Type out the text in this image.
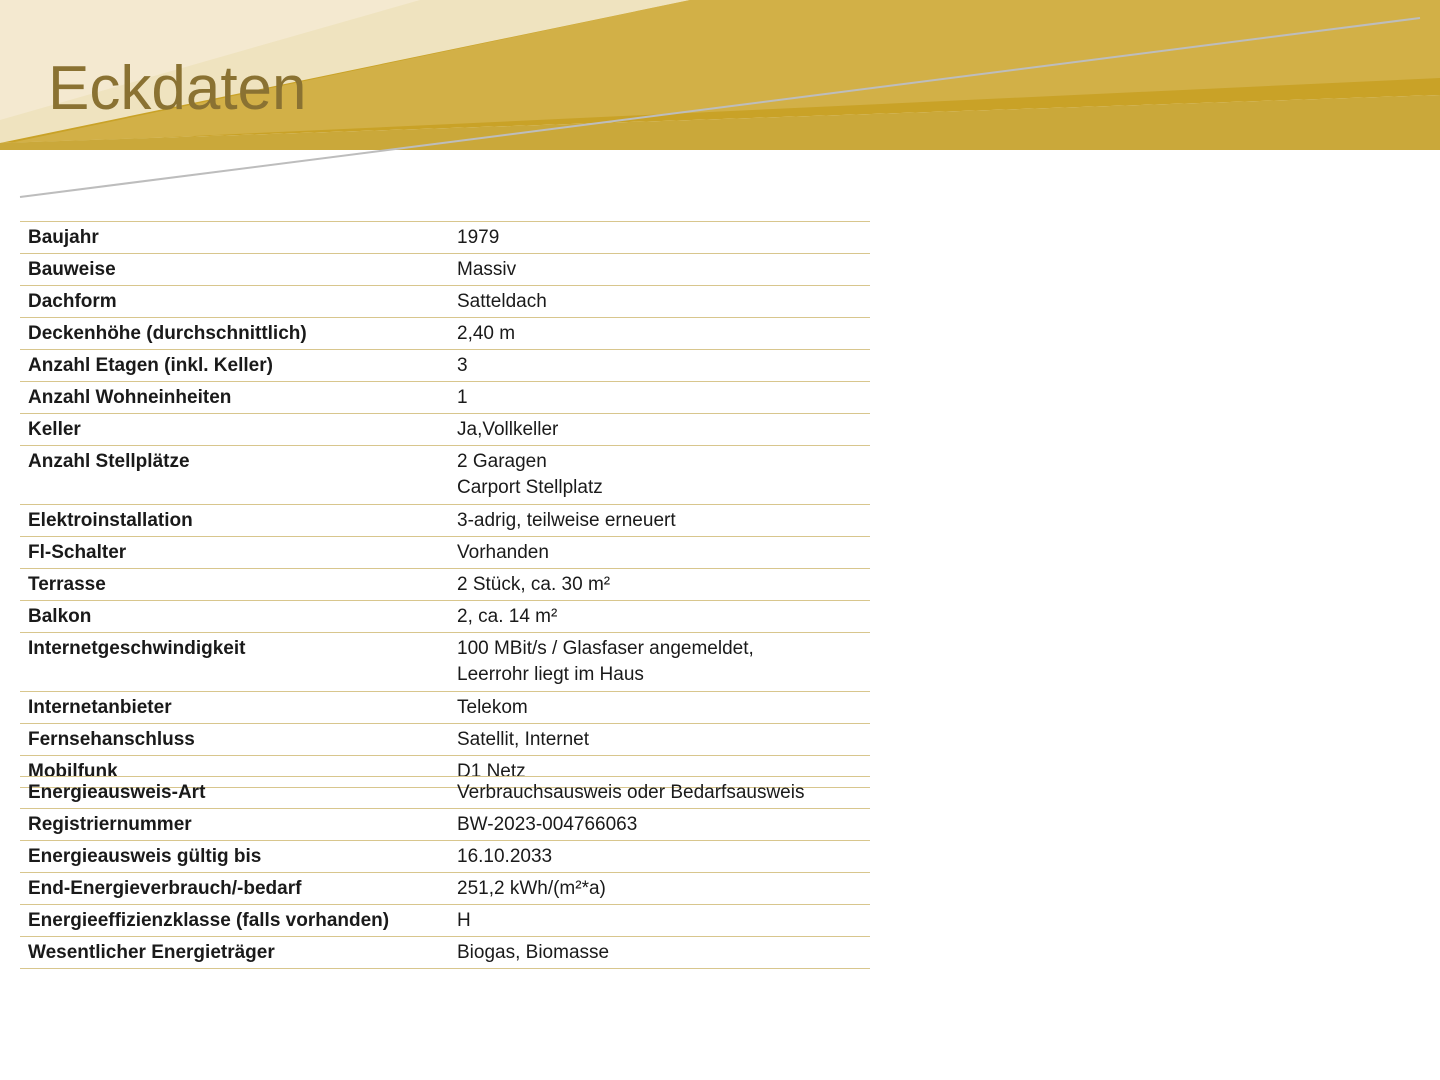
Eckdaten
Baujahr	1979
Bauweise	Massiv
Dachform	Satteldach
Deckenhöhe (durchschnittlich)	2,40 m
Anzahl Etagen (inkl. Keller)	3
Anzahl Wohneinheiten	1
Keller	Ja,Vollkeller
Anzahl Stellplätze	2 Garagen
Carport Stellplatz
Elektroinstallation	3-adrig, teilweise erneuert
Fl-Schalter	Vorhanden
Terrasse	2 Stück, ca. 30 m²
Balkon	2, ca. 14 m²
Internetgeschwindigkeit	100 MBit/s / Glasfaser angemeldet,
Leerrohr liegt im Haus
Internetanbieter	Telekom
Fernsehanschluss	Satellit, Internet
Mobilfunk	D1 Netz
Energieausweis-Art	Verbrauchsausweis oder Bedarfsausweis
Registriernummer	BW-2023-004766063
Energieausweis gültig bis	16.10.2033
End-Energieverbrauch/-bedarf	251,2 kWh/(m²*a)
Energieeffizienzklasse (falls vorhanden)	H
Wesentlicher Energieträger	Biogas, Biomasse
